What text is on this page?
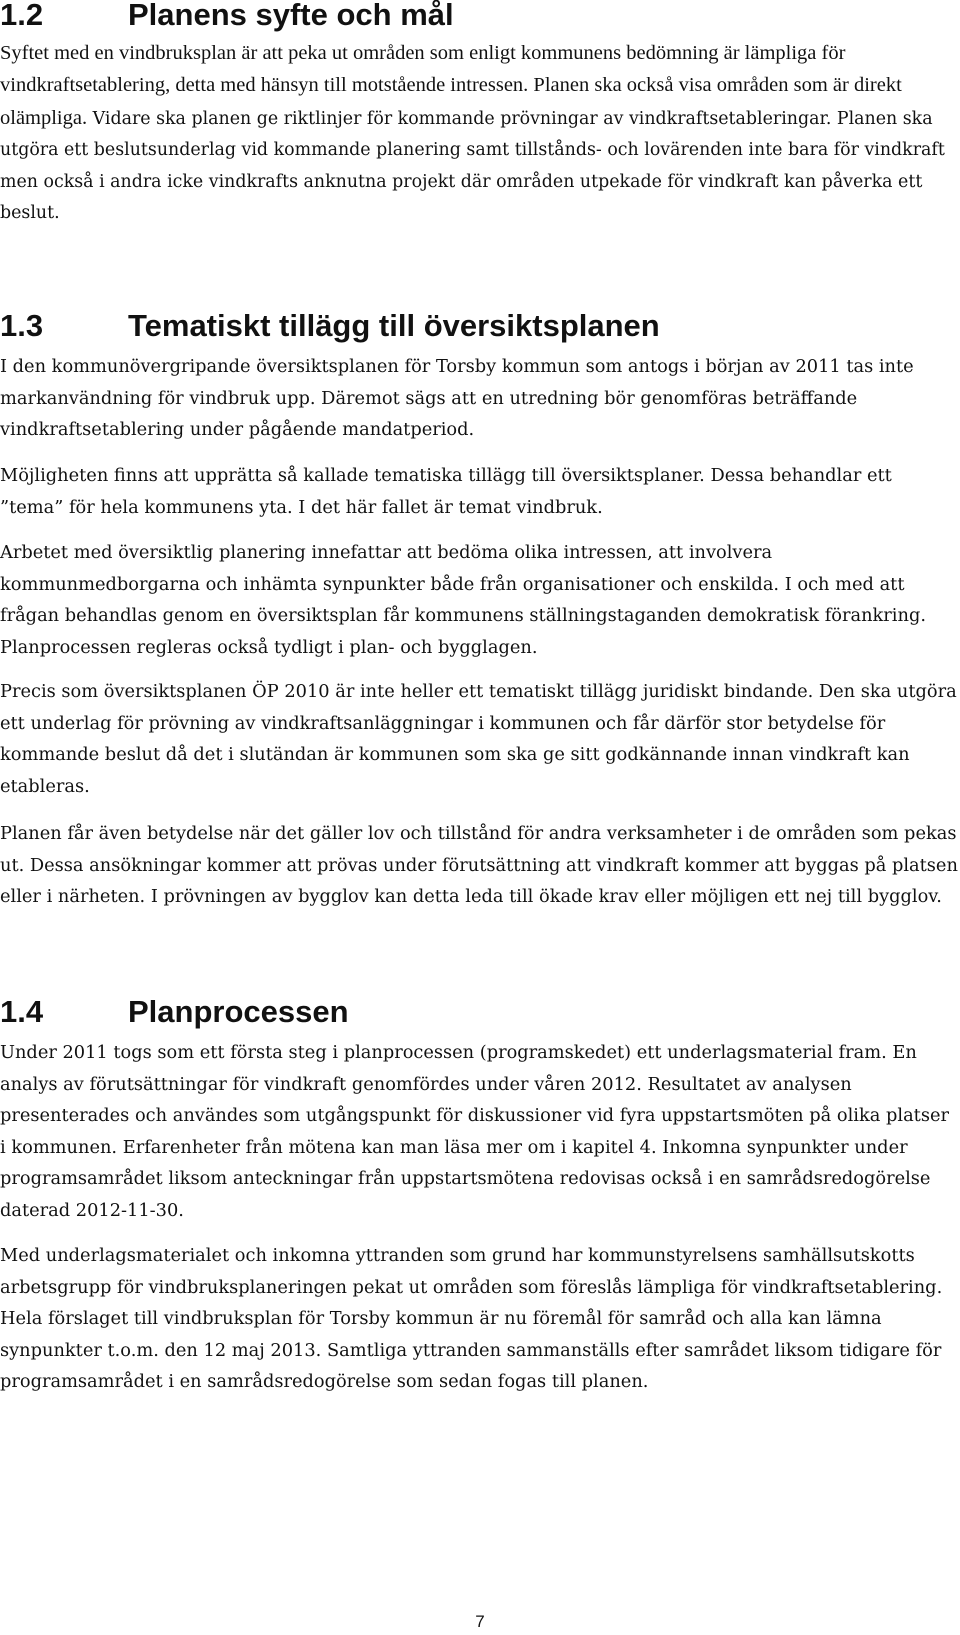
1.2	Planens syfte och mål

Syftet med en vindbruksplan är att peka ut områden som enligt kommunens bedömning är lämpliga för vindkraftsetablering, detta med hänsyn till motstående intressen. Planen ska också visa områden som är direkt olämpliga. Vidare ska planen ge riktlinjer för kommande prövningar av vindkraftsetableringar. Planen ska utgöra ett beslutsunderlag vid kommande planering samt tillstånds- och lovärenden inte bara för vindkraft men också i andra icke vindkrafts anknutna projekt där områden utpekade för vindkraft kan påverka ett beslut.

1.3	Tematiskt tillägg till översiktsplanen

I den kommunövergripande översiktsplanen för Torsby kommun som antogs i början av 2011 tas inte markanvändning för vindbruk upp. Däremot sägs att en utredning bör genomföras beträffande vindkraftsetablering under pågående mandatperiod.

Möjligheten finns att upprätta så kallade tematiska tillägg till översiktsplaner. Dessa behandlar ett ”tema” för hela kommunens yta. I det här fallet är temat vindbruk.

Arbetet med översiktlig planering innefattar att bedöma olika intressen, att involvera kommunmedborgarna och inhämta synpunkter både från organisationer och enskilda. I och med att frågan behandlas genom en översiktsplan får kommunens ställningstaganden demokratisk förankring. Planprocessen regleras också tydligt i plan- och bygglagen.

Precis som översiktsplanen ÖP 2010 är inte heller ett tematiskt tillägg juridiskt bindande. Den ska utgöra ett underlag för prövning av vindkraftsanläggningar i kommunen och får därför stor betydelse för kommande beslut då det i slutändan är kommunen som ska ge sitt godkännande innan vindkraft kan etableras.

Planen får även betydelse när det gäller lov och tillstånd för andra verksamheter i de områden som pekas ut. Dessa ansökningar kommer att prövas under förutsättning att vindkraft kommer att byggas på platsen eller i närheten. I prövningen av bygglov kan detta leda till ökade krav eller möjligen ett nej till bygglov.

1.4	Planprocessen

Under 2011 togs som ett första steg i planprocessen (programskedet) ett underlagsmaterial fram. En analys av förutsättningar för vindkraft genomfördes under våren 2012. Resultatet av analysen presenterades och användes som utgångspunkt för diskussioner vid fyra uppstartsmöten på olika platser i kommunen. Erfarenheter från mötena kan man läsa mer om i kapitel 4. Inkomna synpunkter under programsamrådet liksom anteckningar från uppstartsmötena redovisas också i en samrådsredogörelse daterad 2012-11-30.

Med underlagsmaterialet och inkomna yttranden som grund har kommunstyrelsens samhällsutskotts arbetsgrupp för vindbruksplaneringen pekat ut områden som föreslås lämpliga för vindkraftsetablering. Hela förslaget till vindbruksplan för Torsby kommun är nu föremål för samråd och alla kan lämna synpunkter t.o.m. den 12 maj 2013. Samtliga yttranden sammanställs efter samrådet liksom tidigare för programsamrådet i en samrådsredogörelse som sedan fogas till planen.

7
